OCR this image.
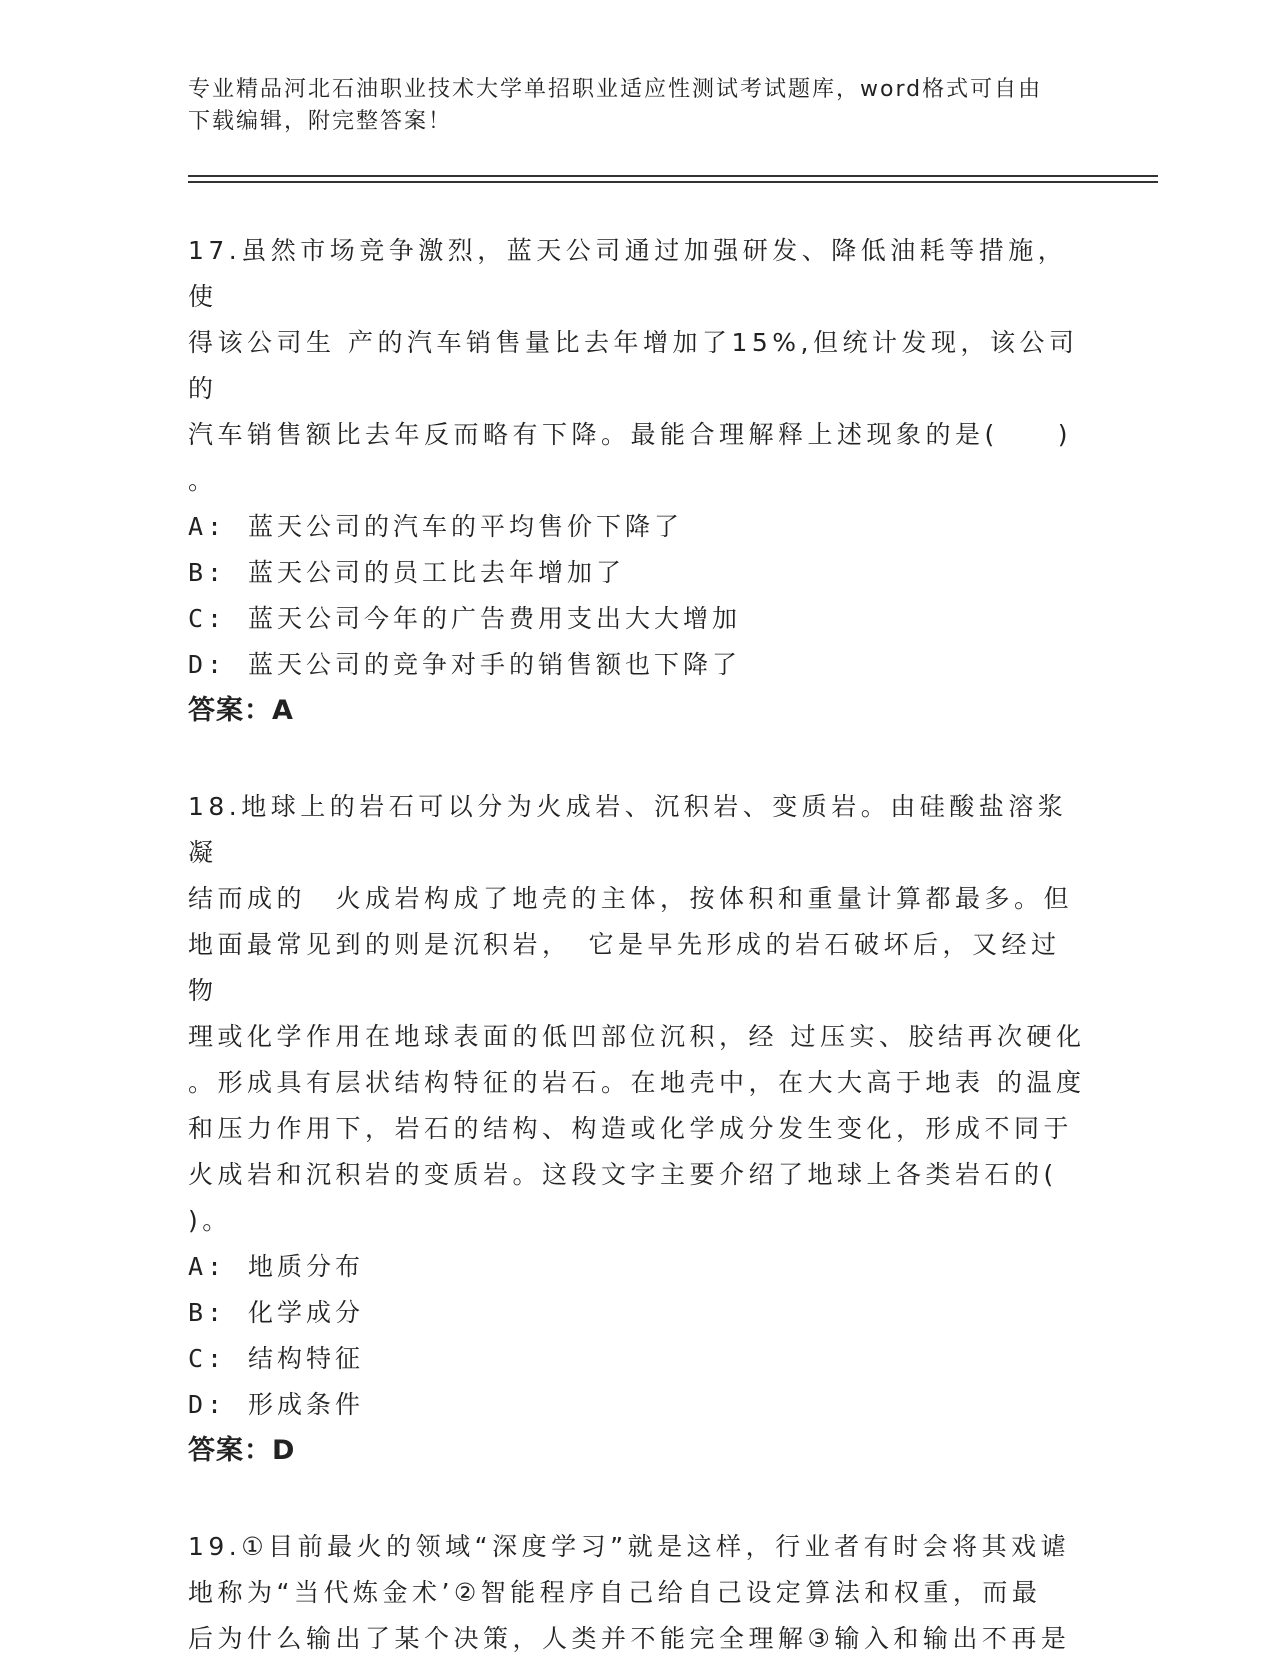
专业精品河北石油职业技术大学单招职业适应性测试考试题库，word格式可自由
下载编辑，附完整答案！

17.虽然市场竞争激烈，蓝天公司通过加强研发、降低油耗等措施，使

得该公司生 产的汽车销售量比去年增加了15%,但统计发现，该公司的

汽车销售额比去年反而略有下降。最能合理解释上述现象的是(　　)

。

A: 蓝天公司的汽车的平均售价下降了
B: 蓝天公司的员工比去年增加了
C: 蓝天公司今年的广告费用支出大大增加
D: 蓝天公司的竞争对手的销售额也下降了

答案：A

18.地球上的岩石可以分为火成岩、沉积岩、变质岩。由硅酸盐溶浆凝

结而成的　火成岩构成了地壳的主体，按体积和重量计算都最多。但

地面最常见到的则是沉积岩，　它是早先形成的岩石破坏后，又经过物

理或化学作用在地球表面的低凹部位沉积，经 过压实、胶结再次硬化

。形成具有层状结构特征的岩石。在地壳中，在大大高于地表 的温度

和压力作用下，岩石的结构、构造或化学成分发生变化，形成不同于

火成岩和沉积岩的变质岩。这段文字主要介绍了地球上各类岩石的(

)。

A: 地质分布
B: 化学成分
C: 结构特征
D: 形成条件

答案：D

19.①目前最火的领域“深度学习”就是这样，行业者有时会将其戏谑

地称为“当代炼金术’②智能程序自己给自己设定算法和权重，而最

后为什么输出了某个决策，人类并不能完全理解③输入和输出不再是
